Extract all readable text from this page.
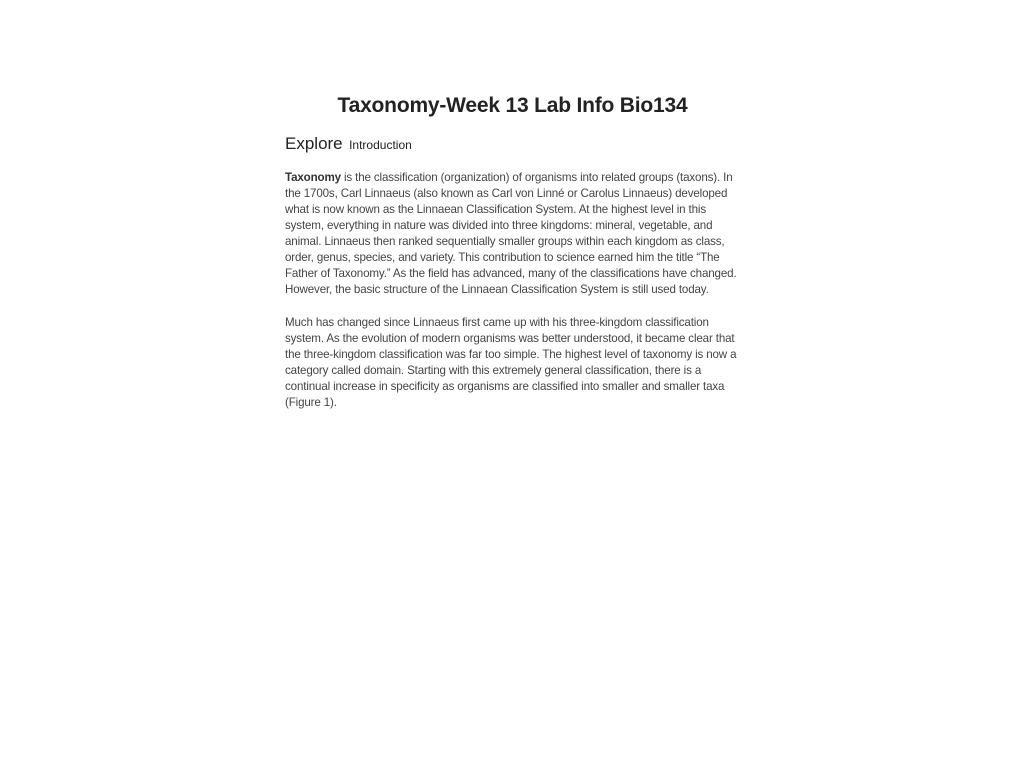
Taxonomy-Week 13 Lab Info Bio134
Explore Introduction

Taxonomy is the classification (organization) of organisms into related groups (taxons). In the 1700s, Carl Linnaeus (also known as Carl von Linné or Carolus Linnaeus) developed what is now known as the Linnaean Classification System. At the highest level in this system, everything in nature was divided into three kingdoms: mineral, vegetable, and animal. Linnaeus then ranked sequentially smaller groups within each kingdom as class, order, genus, species, and variety. This contribution to science earned him the title “The Father of Taxonomy.” As the field has advanced, many of the classifications have changed. However, the basic structure of the Linnaean Classification System is still used today.

Much has changed since Linnaeus first came up with his three-kingdom classification system. As the evolution of modern organisms was better understood, it became clear that the three-kingdom classification was far too simple. The highest level of taxonomy is now a category called domain. Starting with this extremely general classification, there is a continual increase in specificity as organisms are classified into smaller and smaller taxa (Figure 1).
